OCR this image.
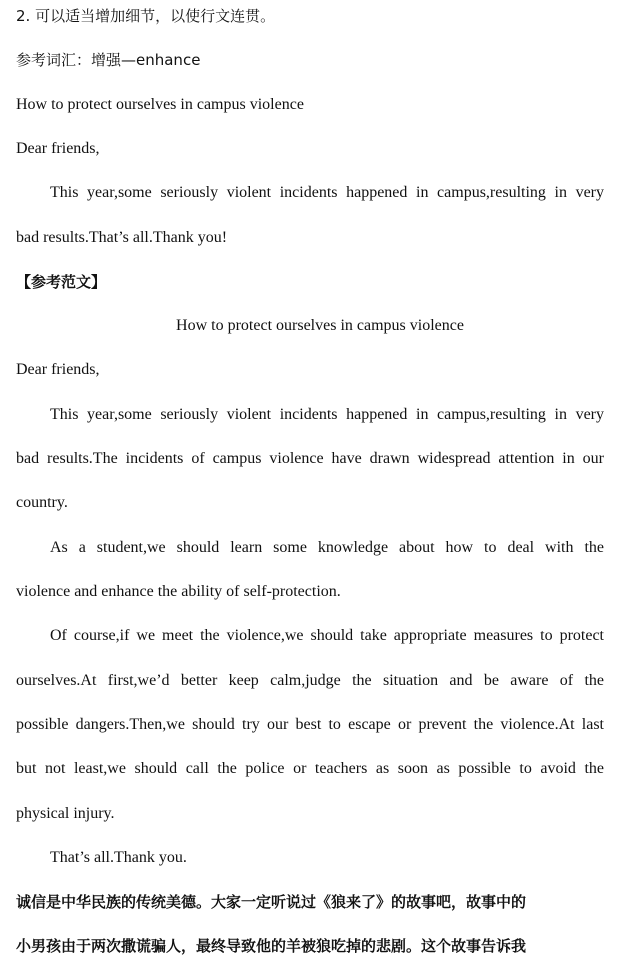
2. 可以适当增加细节，以使行文连贯。
参考词汇：增强—enhance
How to protect ourselves in campus violence
Dear friends,
This year,some seriously violent incidents happened in campus,resulting in very
bad results.That’s all.Thank you!
【参考范文】
How to protect ourselves in campus violence
Dear friends,
This year,some seriously violent incidents happened in campus,resulting in very
bad results.The incidents of campus violence have drawn widespread attention in our
country.
As a student,we should learn some knowledge about how to deal with the
violence and enhance the ability of self-protection.
Of course,if we meet the violence,we should take appropriate measures to protect
ourselves.At first,we’d better keep calm,judge the situation and be aware of the
possible dangers.Then,we should try our best to escape or prevent the violence.At last
but not least,we should call the police or teachers as soon as possible to avoid the
physical injury.
That’s all.Thank you.
诚信是中华民族的传统美德。大家一定听说过《狼来了》的故事吧，故事中的
小男孩由于两次撒谎骗人，最终导致他的羊被狼吃掉的悲剧。这个故事告诉我
